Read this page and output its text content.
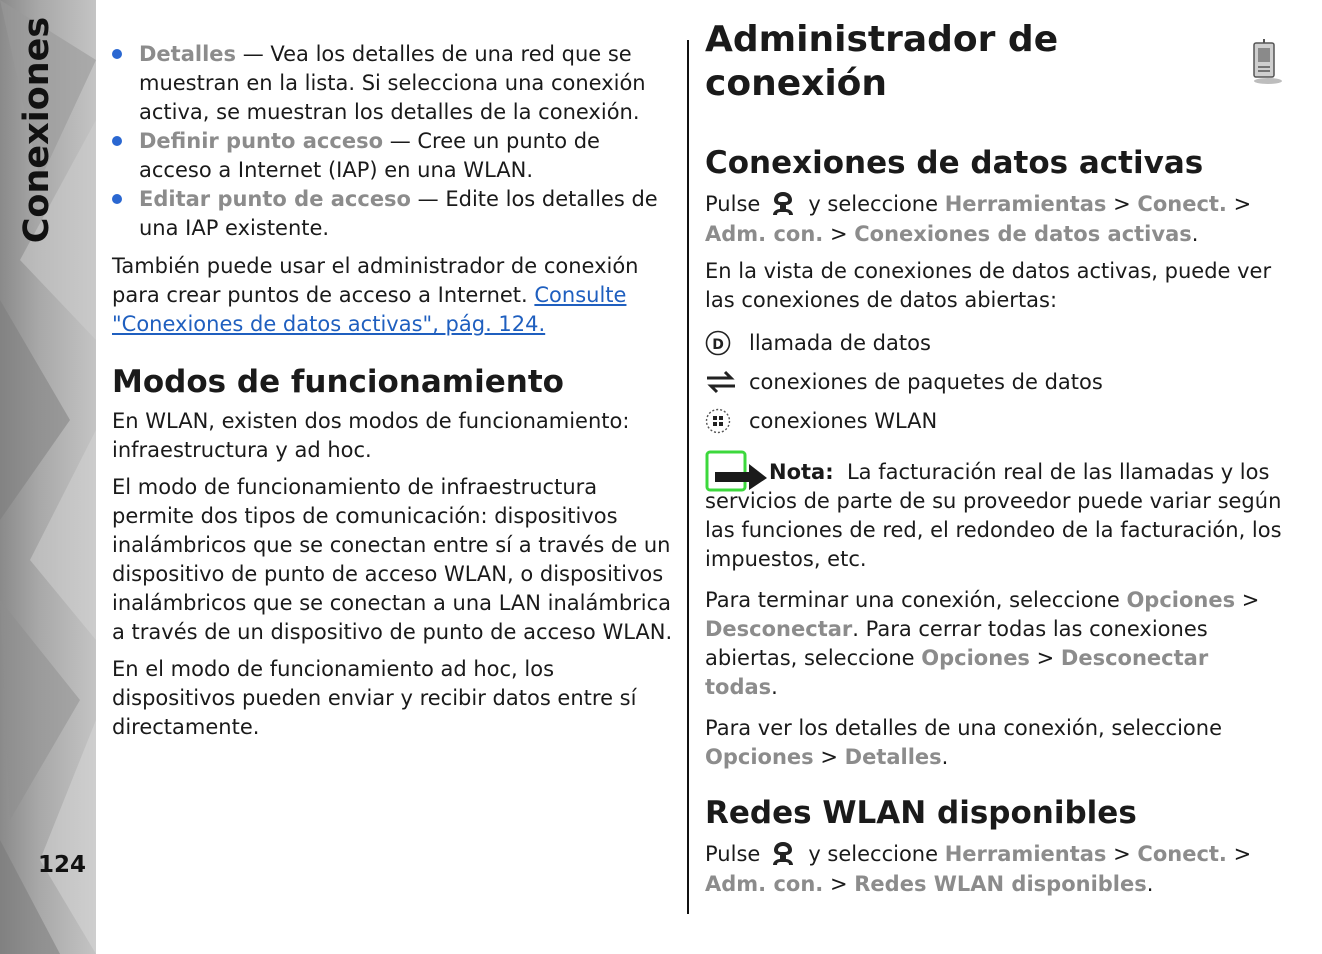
Conexiones
124
Detalles — Vea los detalles de una red que se muestran en la lista. Si selecciona una conexión activa, se muestran los detalles de la conexión.
Definir punto acceso — Cree un punto de acceso a Internet (IAP) en una WLAN.
Editar punto de acceso — Edite los detalles de una IAP existente.

También puede usar el administrador de conexión para crear puntos de acceso a Internet. Consulte "Conexiones de datos activas", pág. 124.

Modos de funcionamiento

En WLAN, existen dos modos de funcionamiento: infraestructura y ad hoc.

El modo de funcionamiento de infraestructura permite dos tipos de comunicación: dispositivos inalámbricos que se conectan entre sí a través de un dispositivo de punto de acceso WLAN, o dispositivos inalámbricos que se conectan a una LAN inalámbrica a través de un dispositivo de punto de acceso WLAN.

En el modo de funcionamiento ad hoc, los dispositivos pueden enviar y recibir datos entre sí directamente.

Administrador de conexión
Conexiones de datos activas

Pulse y seleccione Herramientas > Conect. > Adm. con. > Conexiones de datos activas.

En la vista de conexiones de datos activas, puede ver las conexiones de datos abiertas:

D llamada de datos
conexiones de paquetes de datos
conexiones WLAN

Nota: La facturación real de las llamadas y los servicios de parte de su proveedor puede variar según las funciones de red, el redondeo de la facturación, los impuestos, etc.

Para terminar una conexión, seleccione Opciones > Desconectar. Para cerrar todas las conexiones abiertas, seleccione Opciones > Desconectar todas.

Para ver los detalles de una conexión, seleccione Opciones > Detalles.

Redes WLAN disponibles

Pulse y seleccione Herramientas > Conect. > Adm. con. > Redes WLAN disponibles.
